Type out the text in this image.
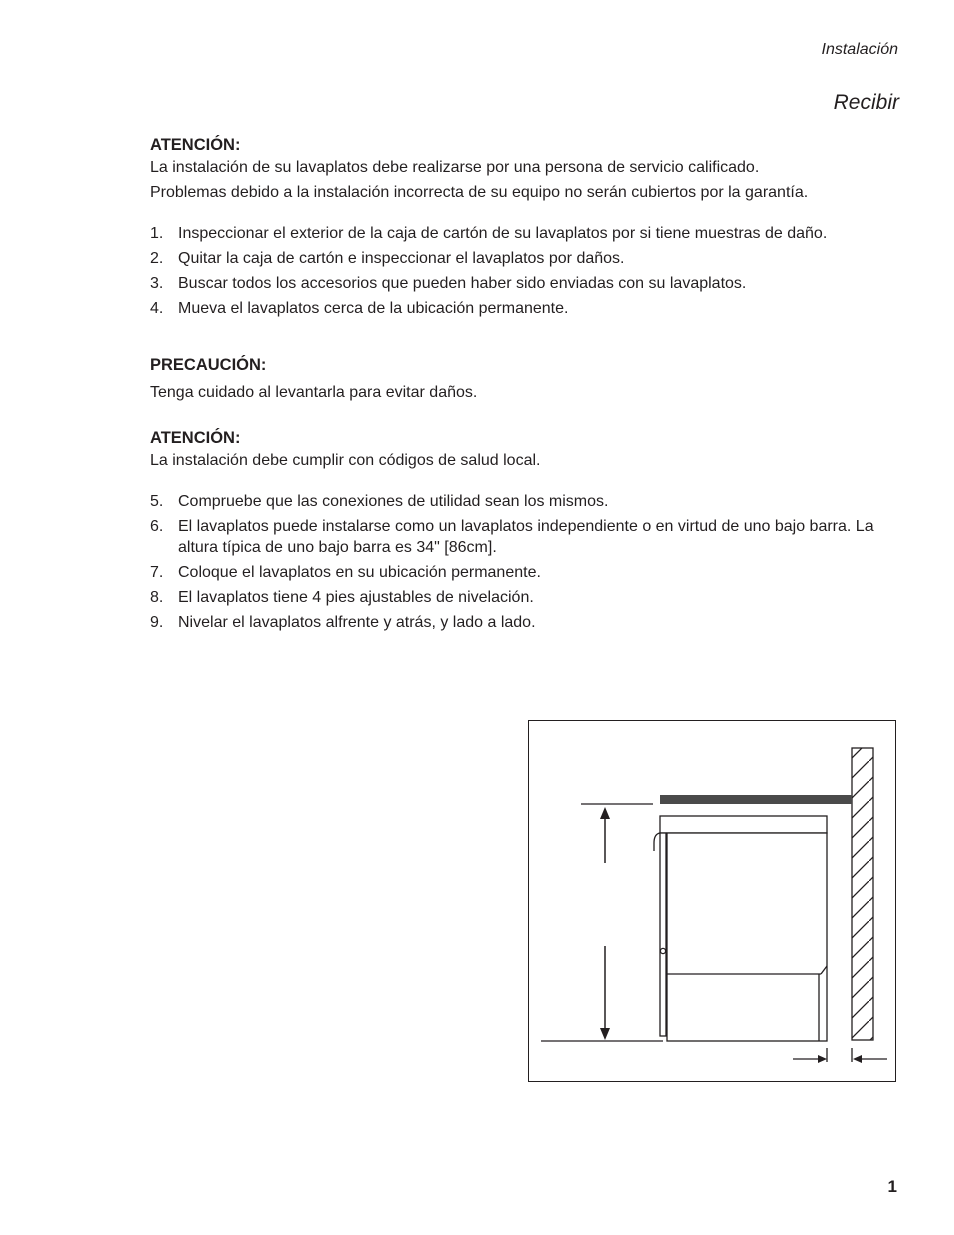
Instalación
Recibir
ATENCIÓN:
La instalación de su lavaplatos debe realizarse por una persona de servicio calificado.
Problemas debido a la instalación incorrecta de su equipo no serán cubiertos por la garantía.
1. Inspeccionar el exterior de la caja de cartón de su lavaplatos por si tiene muestras de daño.
2. Quitar la caja de cartón e inspeccionar el lavaplatos por daños.
3. Buscar todos los accesorios que pueden haber sido enviadas con su lavaplatos.
4. Mueva el lavaplatos cerca de la ubicación permanente.
PRECAUCIÓN:
Tenga cuidado al levantarla para evitar daños.
ATENCIÓN:
La instalación debe cumplir con códigos de salud local.
5. Compruebe que las conexiones de utilidad sean los mismos.
6. El lavaplatos puede instalarse como un lavaplatos independiente o en virtud de uno bajo barra. La altura típica de uno bajo barra es 34" [86cm].
7. Coloque el lavaplatos en su ubicación permanente.
8. El lavaplatos tiene 4 pies ajustables de nivelación.
9. Nivelar el lavaplatos alfrente y atrás, y lado a lado.
1
